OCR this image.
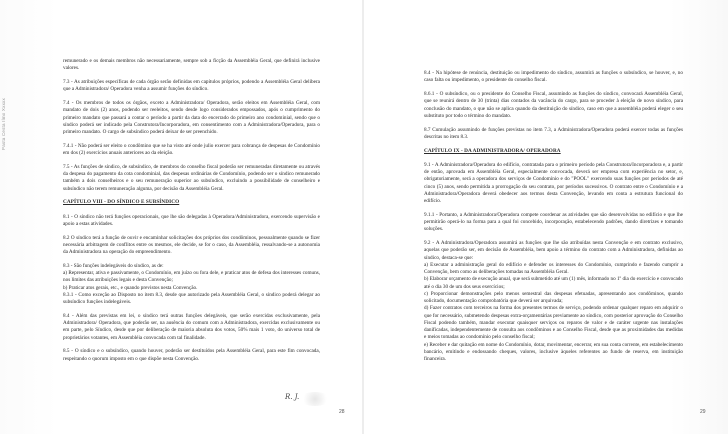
Pasta Cesta Ilmo Xxxxx

remunerado e os demais membros não necessariamente, sempre sob a ficção da Assembléia Geral, que definirá inclusive valores.

7.3 - As atribuições específicas de cada órgão serão definidas em capítulos próprios, podendo a Assembléia Geral delibera que a Administradora/ Operadora venha a assumir funções do síndico.

7.4 - Os membros de todos os órgãos, exceto a Administradora/ Operadora, serão eleitos em Assembléia Geral, com mandato de dois (2) anos, podendo ser reeleitos, sendo desde logo considerados empossados, após o cumprimento do primeiro mandato que passará a contar o período a partir da data do encerrado do primeiro ano condominial, sendo que o síndico poderá ser indicado pela Construtora/Incorporadora, em consentimento com a Administradora/Operadora, para o primeiro mandato. O cargo de subsíndico poderá deixar de ser preenchido.

7.4.1 - Não poderá ser eleito o condômino que se ha visto até onde julio exercer para cobrança de despesas de Condomínio em dos (2) exercícios anuais anteriores ao da eleição.

7.5 - As funções de síndico, de subsíndico, de membros do conselho fiscal poderão ser remuneradas diretamente ou através da despesa do pagamento da cota condominial, das despesas ordinárias de Condomínio, podendo ser o síndico remunerado também a dois conselheiros e o seu remuneração superior ao subsíndico, excluindo a possibilidade de conselheiro e subsíndico não terem remuneração alguma, por decisão da Assembléia Geral.

CAPÍTULO VIII - DO SÍNDICO E SUBSÍNDICO

8.1 - O síndico não terá funções operacionais, que lhe são delegadas à Operadora/Administradora, exercendo supervisão e apoio a estas atividades.

8.2 O síndico terá a função de ouvir e encaminhar solicitações dos próprios dos condôminos, pessoalmente quando se fizer necessária arbitragem de conflitos entre os mesmos, ele decide, se for o caso, da Assembléia, ressalvando-se a autonomia da Administradora na operação do empreendimento.

8.3 - São funções indelegáveis do síndico, as de:
a) Representar, ativa e passivamente, o Condomínio, em juízo ou fora dele, e praticar atos de defesa dos interesses comuns, nos limites das atribuições legais e desta Convenção;
b) Praticar atos gerais, etc., e quando previstos nesta Convenção.
8.3.1 - Como exceção ao Disposto no item 8.3, desde que autorizado pela Assembléia Geral, o síndico poderá delegar ao subsíndico funções indelegáveis.

8.4 - Além das previstas em lei, o síndico terá outras funções delegáveis, que serão exercidas exclusivamente, pela Administradora/ Operadora, que poderão ser, na ausência do comum com a Administradora, exercidas exclusivamente ou em parte, pelo Síndico, desde que por deliberação de maioria absoluta dos votos, 50% mais 1 voto, do universo total de proprietários votantes, em Assembléia convocada com tal finalidade.

8.5 - O síndico e o subsíndico, quando houver, poderão ser destituídos pela Assembléia Geral, para este fim convocada, respeitando o quorum imposto em o que dispõe nesta Convenção.

28

8.4 - Na hipótese de renúncia, destituição ou impedimento do síndico, assumirá as funções o subsíndico, se houver, e, no caso falta ou impedimento, o presidente do conselho fiscal.

8.6.1 - O subsíndico, ou o presidente do Conselho Fiscal, assumindo as funções do síndico, convocará Assembléia Geral, que se reunirá dentro de 30 (trinta) dias contados da vacância do cargo, para se proceder à eleição de novo síndico, para conclusão do mandato, o que não se aplica quando da destituição do síndico, caso em que a assembléia poderá eleger o seu substituto por todo o término do mandato.

8.7 Cumulação assumindo de funções previstas no item 7.3, a Administradora/Operadora poderá exercer todas as funções descritas no item 8.3.

CAPÍTULO IX - DA ADMINISTRADORA/ OPERADORA

9.1 - A Administradora/Operadora do edifício, contratada para o primeiro período pela Construtora/Incorporadora e, a partir de então, aprovada em Assembléia Geral, especialmente convocada, deverá ser empresa com experiência no setor, e, obrigatoriamente, será a operadora dos serviços de Condomínio e do "POOL" exercendo suas funções por períodos de até cinco (5) anos, sendo permitida a prorrogação do seu contrato, por períodos sucessivos. O contrato entre o Condomínio e a Administradora/Operadora deverá obedecer aos termos desta Convenção, levando em conta a estrutura funcional do edifício.

9.1.1 - Portanto, a Administradora/Operadora compete coordenar as atividades que são desenvolvidas no edifício e que lhe permitirão operá-lo na forma para a qual foi concebido, incorporação, estabelecendo padrões, dando diretrizes e tomando soluções.

9.2 - A Administradora/Operadora assumirá as funções que lhe são atribuídas nesta Convenção e em contrato exclusivo, aquelas que poderão ser, em decisão de Assembléia, bem apoio a término do contrato com a Administradora, definidas ao síndico, destaca-se que:
a) Executar a administração geral do edifício e defender os interesses do Condomínio, cumprindo e fazendo cumprir a Convenção, bem como as deliberações tomadas na Assembléia Geral.
b) Elaborar orçamento de execução anual, que será submetido até um (1) mês, informado no 1º dia do exercício e convocado até o dia 30 de um dos seus exercícios;
c) Proporcionar demonstrações pelo menos semestral das despesas efetuadas, apresentando aos condôminos, quando solicitado, documentação comprobatória que deverá ser arquivada;
d) Fazer contratos com terceiros na forma dos presentes termos de serviço, podendo ordenar qualquer reparo em adquirir o que for necessário, submetendo despesas extra-orçamentárias previamente ao síndico, com posterior aprovação do Conselho Fiscal podendo também, mandar executar quaisquer serviços ou reparos de valor e de caráter urgente nas instalações danificadas, independentemente de consulta aos condôminos e ao Conselho Fiscal, desde que as proximidades das medidas e meios tomadas ao condomínio pelo conselho fiscal;
e) Receber e dar quitação em nome do Condomínio, dotar, movimentar, encerrar, em sua conta corrente, em estabelecimento bancário, emitindo e endossando cheques, valores, inclusive àqueles referentes ao fundo de reserva, em instituição financeira.

29
R. J.
